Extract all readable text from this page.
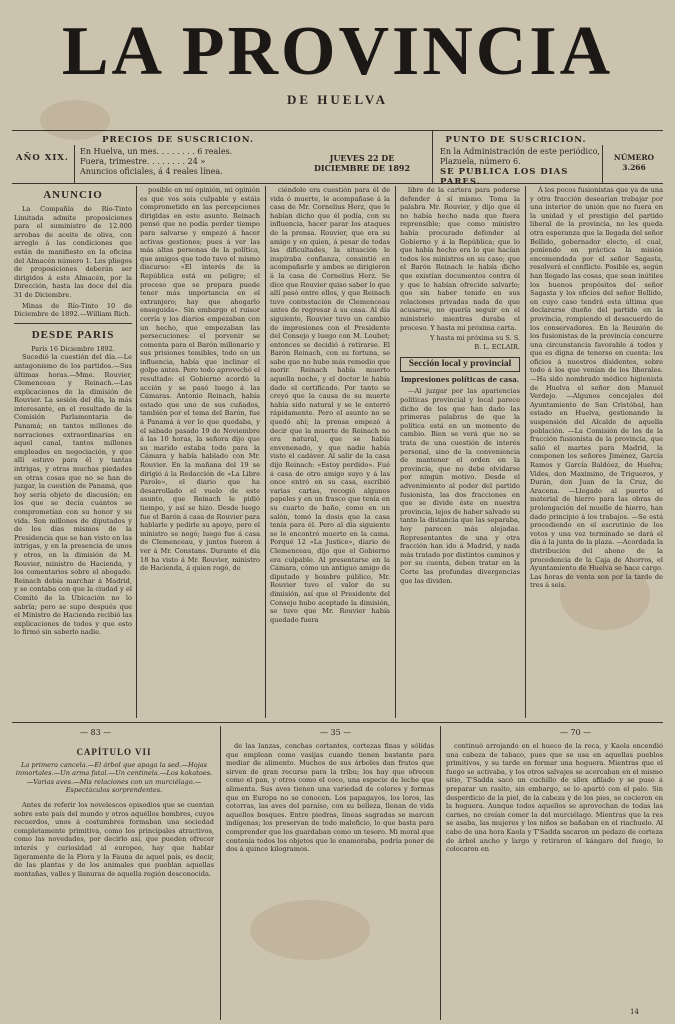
LA PROVINCIA
DE HUELVA
AÑO XIX.
PRECIOS DE SUSCRICION.
En Huelva, un mes. . . . . . . . 6 reales.
Fuera, trimestre. . . . . . . . 24 »
Anuncios oficiales, á 4 reales línea.
JUEVES 22 DE DICIEMBRE DE 1892
PUNTO DE SUSCRICION.
En la Administración de este periódico,
Plazuela, número 6.
SE PUBLICA LOS DIAS PARES.
NÚMERO 3.266
ANUNCIO

La Compañía de Río-Tinto Limitada admite proposiciones para el suministro de 12.000 arrobas de aceite de oliva, con arreglo á las condiciones que están de manifiesto en la oficina del Almacén número 1. Los pliegos de proposiciones deberán ser dirigidos á este Almacén, por la Dirección, hasta las doce del día 31 de Diciembre.

Minas de Río-Tinto 10 de Diciembre de 1892.—William Rich.

DESDE PARIS
París 16 Diciembre 1892.

Sucedió la cuestión del día.—Le antagonismo de los partidos.—Sus últimas horas.—Mme. Rouvier, Clemenceau y Reinach.—Las explicaciones de la dimisión de Rouvier. La sesión del día, la más interesante, en el resultado de la Comisión Parlamentaria de Panamá; en tantos millones de narraciones extraordinarias en aquel canal, tantos millones empleados en negociación, y que allí estuvo para él y tantas intrigas, y otras muchas piedades en otras cosas que no se han de juzgar, la cuestión de Panamá, que hoy sería objeto de discusión; en los que se decía cuántos se comprometían con su honor y su vida. Son millones de diputados y de los días mismos de la Presidencia que se han visto en las intrigas, y en la presencia de unos y otros, en la dimisión de M. Rouvier, ministro de Hacienda, y los comentarios sobre el abogado. Reinach debía marchar á Madrid, y se contaba con que la ciudad y el Comité de la Ubicación no lo sabría; pero se supo después que el Ministro de Hacienda recibió las explicaciones de todos y que esto lo firmó sin saberlo nadie.

posible en mí opinión, mi opinión es que vos sois culpable y estáis comprometido en las percepciones dirigidas en este asunto. Reinach pensó que no podía perder tiempo para salvarse y empezó á hacer activas gestiones; pues á ver las más altas personas de la política, que amigos que todo tuvo el mismo discurso: «El interés de la República está en peligro; el proceso que se prepara puede tener más importancia en el extranjero; hay que ahogarlo enseguida». Sin embargo el ruisor corría y los diarios empezaban con un hecho, que empezaban las persecuciones: el porvenir se comenta para el Barón millonario y sus prisiones temibles, todo en un influencia, había que inclinar el golpe antes. Pero todo aprovechó el resultado: el Gobierno acordó la acción y se pasó luego á las Cámaras. Antonio Reinach, había estado que uno de sus cuñados, también por el tema del Barón, fue á Panamá á ver lo que quedaba, y el sábado pasado 19 de Noviembre á las 10 horas, la señora dijo que su marido estaba todo para la Cámara y había hablado con Mr. Rouvier. En la mañana del 19 se dirigió á la Redacción de «La Libre Parole», el diario que ha desarrollado el vuelo de este asunto, que Reinach le pidió tiempo, y así se hizo. Desde luego fue el Barón á casa de Rouvier para hablarle y pedirle su apoyo, pero el ministro se negó; luego fue á casa de Clemenceau, y juntos fueron á ver á Mr. Constans. Durante el día 18 ha visto á Mr. Rouvier, ministro de Hacienda, á quien rogó, de

ciéndole era cuestión para él de vida ó muerte, le acompañase á la casa de Mr. Cornelius Herz, que le habían dicho que él podía, con su influencia, hacer parar los ataques de la prensa. Rouvier, que era su amigo y en quien, á pesar de todas las dificultades, la situación le inspiraba confianza, consintió en acompañarle y ambos se dirigieron á la casa de Cornelius Herz. Se dice que Rouvier quiso saber lo que allí pasó entre ellos, y que Reinach tuvo contestación de Clemenceau antes de regresar á su casa. Al día siguiente, Rouvier tuvo un cambio de impresiones con el Presidente del Consejo y luego con M. Loubet; entonces se decidió á retirarse. El Barón Reinach, con su fortuna, se sabe que no hubo más remedio que morir. Reinach había muerto aquella noche, y el doctor le había dado el certificado. Por tanto se creyó que la causa de su muerte había sido natural y se le enterró rápidamente. Pero el asunto no se quedó ahí; la prensa empezó á decir que la muerte de Reinach no era natural, que se había envenenado, y que nadie había visto el cadáver. Al salir de la casa dijo Reinach: «Estoy perdido». Fué á casa de otro amigo suyo y á las once entró en su casa, escribió varias cartas, recogió algunos papeles y en un frasco que tenía en su cuarto de baño, como en un salón, tomó la dosis que la casa tenía para él. Pero al día siguiente se le encontró muerto en la cama. Porqué 12 «La Justice», diario de Clemenceau, dijo que el Gobierno era culpable. Al presentarse en la Cámara, cómo un antiguo amigo de diputado y hombre público, Mr. Rouvier tuvo el valor de su dimisión, así que el Presidente del Consejo hubo aceptado la dimisión, se tuvo que Mr. Rouvier había quedado fuera

libre de la cartera para poderse defender á sí mismo. Toma la palabra Mr. Rouvier, y dijo que él no había hecho nada que fuera reprensible; que como ministro había procurado defender al Gobierno y á la República; que lo que había hecho era lo que hacían todos los ministros en su caso; que el Barón Reinach le había dicho que existían documentos contra él y que le habían ofrecido salvarlo; que sin haber tenido en sus relaciones privadas nada de que acusarse, no quería seguir en el ministerio mientras duraba el proceso. Y hasta mi próxima carta.

Y hasta mi próxima su S. S.
B. L. ECLAIR.
Sección local y provincial
Impresiones políticas de casa.

—Al juzgar por las apariencias políticas provincial y local parece dicho de los que han dado las primeras palabras de que la política está en un momento de cambio. Bien se verá que no se trata de una cuestión de interés personal, sino de la conveniencia de mantener el orden en la provincia, que no debe olvidarse por ningún motivo. Desde el advenimiento al poder del partido fusionista, las dos fracciones en que se divide éste en nuestra provincia, lejos de haber salvado su tanto la distancia que las separaba, hoy parecen más alejadas. Representantes de una y otra fracción han ido á Madrid, y nada más tratado por distintos caminos y por su cuenta, deben tratar en la Corte las profundas divergencias que las dividen.

Á los pocos fusionistas que ya de una y otra fracción desearían trabajar por una interior de unión que no fuera en la unidad y el prestigio del partido liberal de la provincia, no les queda otra esperanza que la llegada del señor Bellido, gobernador electo, el cual, poniendo en práctica la misión encomendada por el señor Sagasta, resolverá el conflicto. Posible es, según han llegado las cosas, que sean inútiles los buenos propósitos del señor Sagasta y los oficios del señor Bellido, en cuyo caso tendrá esta última que declararse dueño del partido en la provincia, rompiendo el desacuerdo de los conservadores. En la Reunión de los fusionistas de la provincia concurre una circunstancia favorable á todos y que es digna de tenerse en cuenta: los oficios á nuestros disidentes, sobre todo á los que venían de los liberales. —Ha sido nombrado médico higienista de Huelva el señor don Manuel Verdejo. —Algunos concejales del Ayuntamiento de San Cristóbal, han estado en Huelva, gestionando la suspensión del Alcalde de aquella población. —La Comisión de los de la fracción fusionista de la provincia, que salió el martes para Madrid, la componen los señores Jiménez, García Ramos y García Baldóez, de Huelva; Vides, don Maximino, de Trigueros, y Durán, don Juan de la Cruz, de Aracena. —Llegado al puerto el material de hierro para las obras de prolongación del muelle de hierro, han dado principio á los trabajos. —Se está procediendo en el escrutinio de los votos y una vez terminado se dará el día á la junta de la plaza. —Acordada la distribución del abono de la procedencia de la Caja de Ahorros, el Ayuntamiento de Huelva se hace cargo. Las horas de venta son por la tarde de tres á seis.

— 83 —	— 35 —	— 70 —
CAPÍTULO VII
La primera cancela.—El árbol que apaga la sed.—Hojas inmortales.—Un arma fatal.—Un centinela.—Los kakatoes.—Varias aves.—Mis relaciones con un murciélago.—Espectáculos sorprendentes.

Antes de referir los novelescos episodios que se cuentan sobre este país del mundo y otros aquéllos hombres, cuyos recuerdos, unos á costumbres formaban una sociedad completamente primitiva, como los principales atractivos, como las novedades, por decirlo así, que pueden ofrecer interés y curiosidad al europeo, hay que hablar ligeramente de la Flora y la Fauna de aquel país, es decir, de las plantas y de los animales que pueblan aquellas montañas, valles y llanuras de aquella región desconocida.

de las lanzas, conchas cortantes, cortezas finas y sólidas que emplean como vasijas cuando tienen bastante para mediar de alimento. Muchos de sus árboles dan frutos que sirven de gran recurso para la tribu; los hay que ofrecen como el pan, y otros como el coco, una especie de leche que alimenta. Sus aves tienen una variedad de colores y formas que en Europa no se conocen. Los papagayos, los loros, las cotorras, las aves del paraíso, con su belleza, llenan de vida aquellos bosques. Entre piedras, líneas sagradas se marcan indígenas; los preservan de todo maleficio, lo que basta para comprender que los guardaban como un tesoro. Mi moral que contenía todos los objetos que le enamoraba, podría poner de dos á quince kilogramos.

continuó arrojando en el hueco de la roca, y Kaola encendió una cabeza de tabaco, pues que se usa en aquellas pueblos primitivos, y su tarde en formar una hoguera. Mientras que el fuego se activaba, y los otros salvajes se acercaban en el mismo sitio, T'Sadda sacó un cuchillo de sílex afilado y se puso á preparar un rasito, sin embargo, se lo apartó con el palo. Sin desperdicio de la piel, de la cabeza y de los pies, se cocieron en la hoguera. Aunque todos aquellos se aprovechan de todas las carnes, no creían comer la del murciélago. Mientras que la res se asaba, las mujeres y los niños se bañaban en el riachuelo. Al cabo de una hora Kaola y T'Sadda sacaron un pedazo de corteza de árbol ancho y largo y retiraron el kángaro del fuego, lo colocaron en

14
